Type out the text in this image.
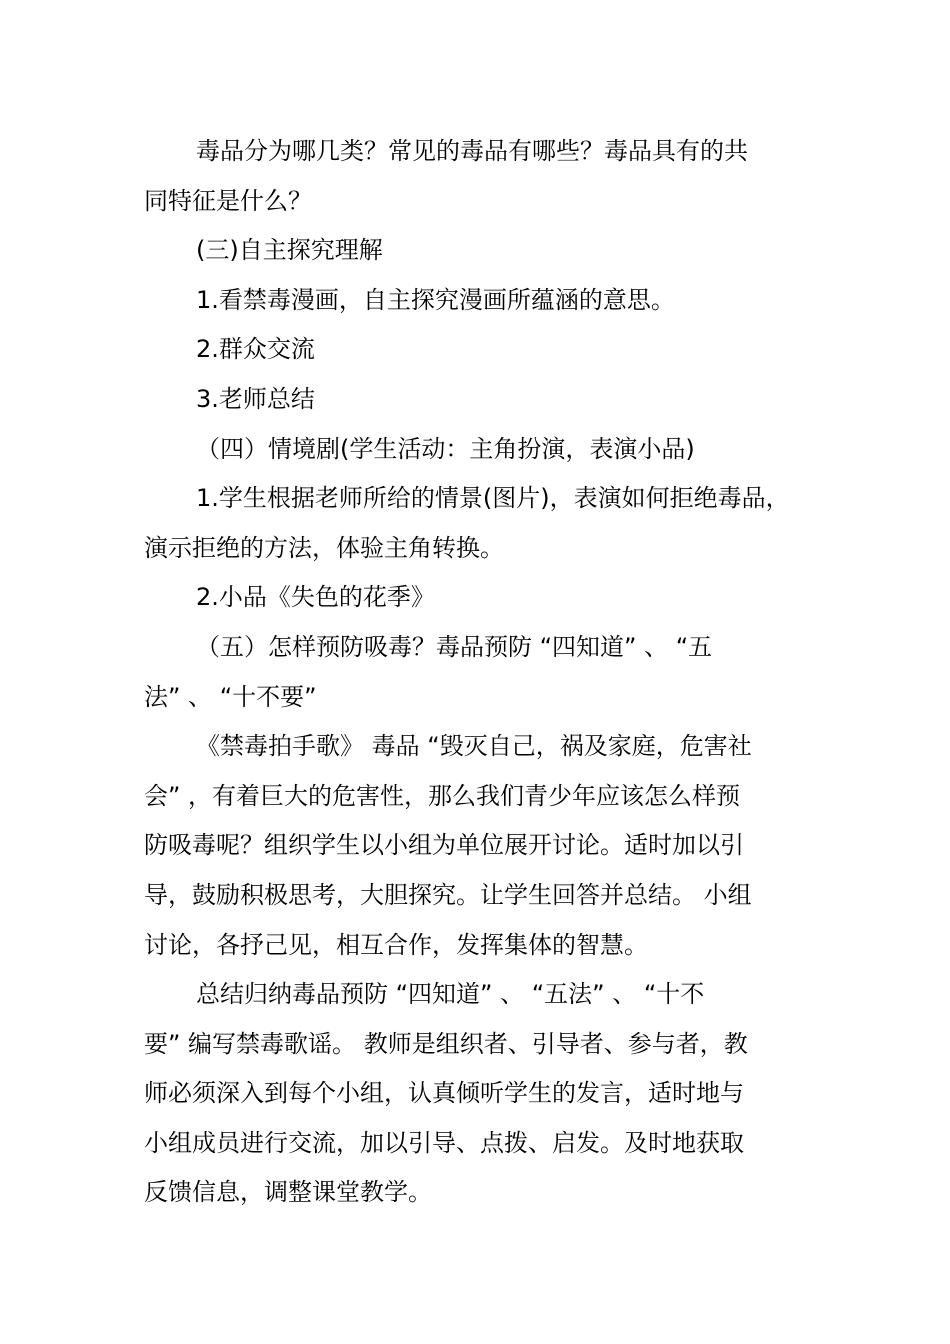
毒品分为哪几类？常见的毒品有哪些？毒品具有的共
同特征是什么？

(三)自主探究理解

1.看禁毒漫画，自主探究漫画所蕴涵的意思。

2.群众交流

3.老师总结

（四）情境剧(学生活动：主角扮演，表演小品)

1.学生根据老师所给的情景(图片)，表演如何拒绝毒品，
演示拒绝的方法，体验主角转换。

2.小品《失色的花季》

（五）怎样预防吸毒？毒品预防 “四知道” 、 “五
法” 、 “十不要”

《禁毒拍手歌》 毒品 “毁灭自己，祸及家庭，危害社
会” ，有着巨大的危害性，那么我们青少年应该怎么样预
防吸毒呢？组织学生以小组为单位展开讨论。适时加以引
导，鼓励积极思考，大胆探究。让学生回答并总结。 小组
讨论，各抒己见，相互合作，发挥集体的智慧。

总结归纳毒品预防 “四知道” 、 “五法” 、 “十不
要” 编写禁毒歌谣。 教师是组织者、引导者、参与者，教
师必须深入到每个小组，认真倾听学生的发言，适时地与
小组成员进行交流，加以引导、点拨、启发。及时地获取
反馈信息，调整课堂教学。
